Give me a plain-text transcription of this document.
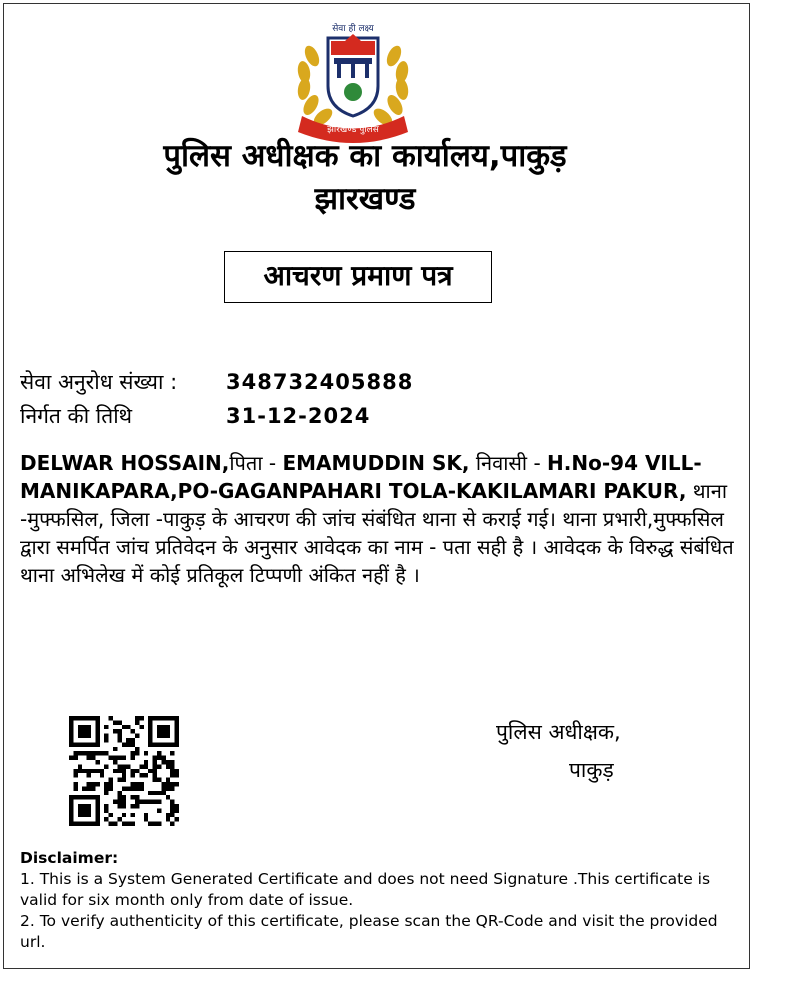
सेवा ही लक्ष्य
झारखण्ड पुलिस
पुलिस अधीक्षक का कार्यालय,पाकुड़
झारखण्ड
आचरण प्रमाण पत्र
सेवा अनुरोध संख्या : 348732405888
निर्गत की तिथि	31-12-2024

DELWAR HOSSAIN,पिता - EMAMUDDIN SK, निवासी - H.No-94 VILL-MANIKAPARA,PO-GAGANPAHARI TOLA-KAKILAMARI PAKUR, थाना -मुफ्फसिल, जिला -पाकुड़ के आचरण की जांच संबंधित थाना से कराई गई। थाना प्रभारी,मुफ्फसिल द्वारा समर्पित जांच प्रतिवेदन के अनुसार आवेदक का नाम - पता सही है । आवेदक के विरुद्ध संबंधित थाना अभिलेख में कोई प्रतिकूल टिप्पणी अंकित नहीं है ।

पुलिस अधीक्षक,
पाकुड़
Disclaimer:
1. This is a System Generated Certificate and does not need Signature .This certificate is valid for six month only from date of issue.
2. To verify authenticity of this certificate, please scan the QR-Code and visit the provided url.
